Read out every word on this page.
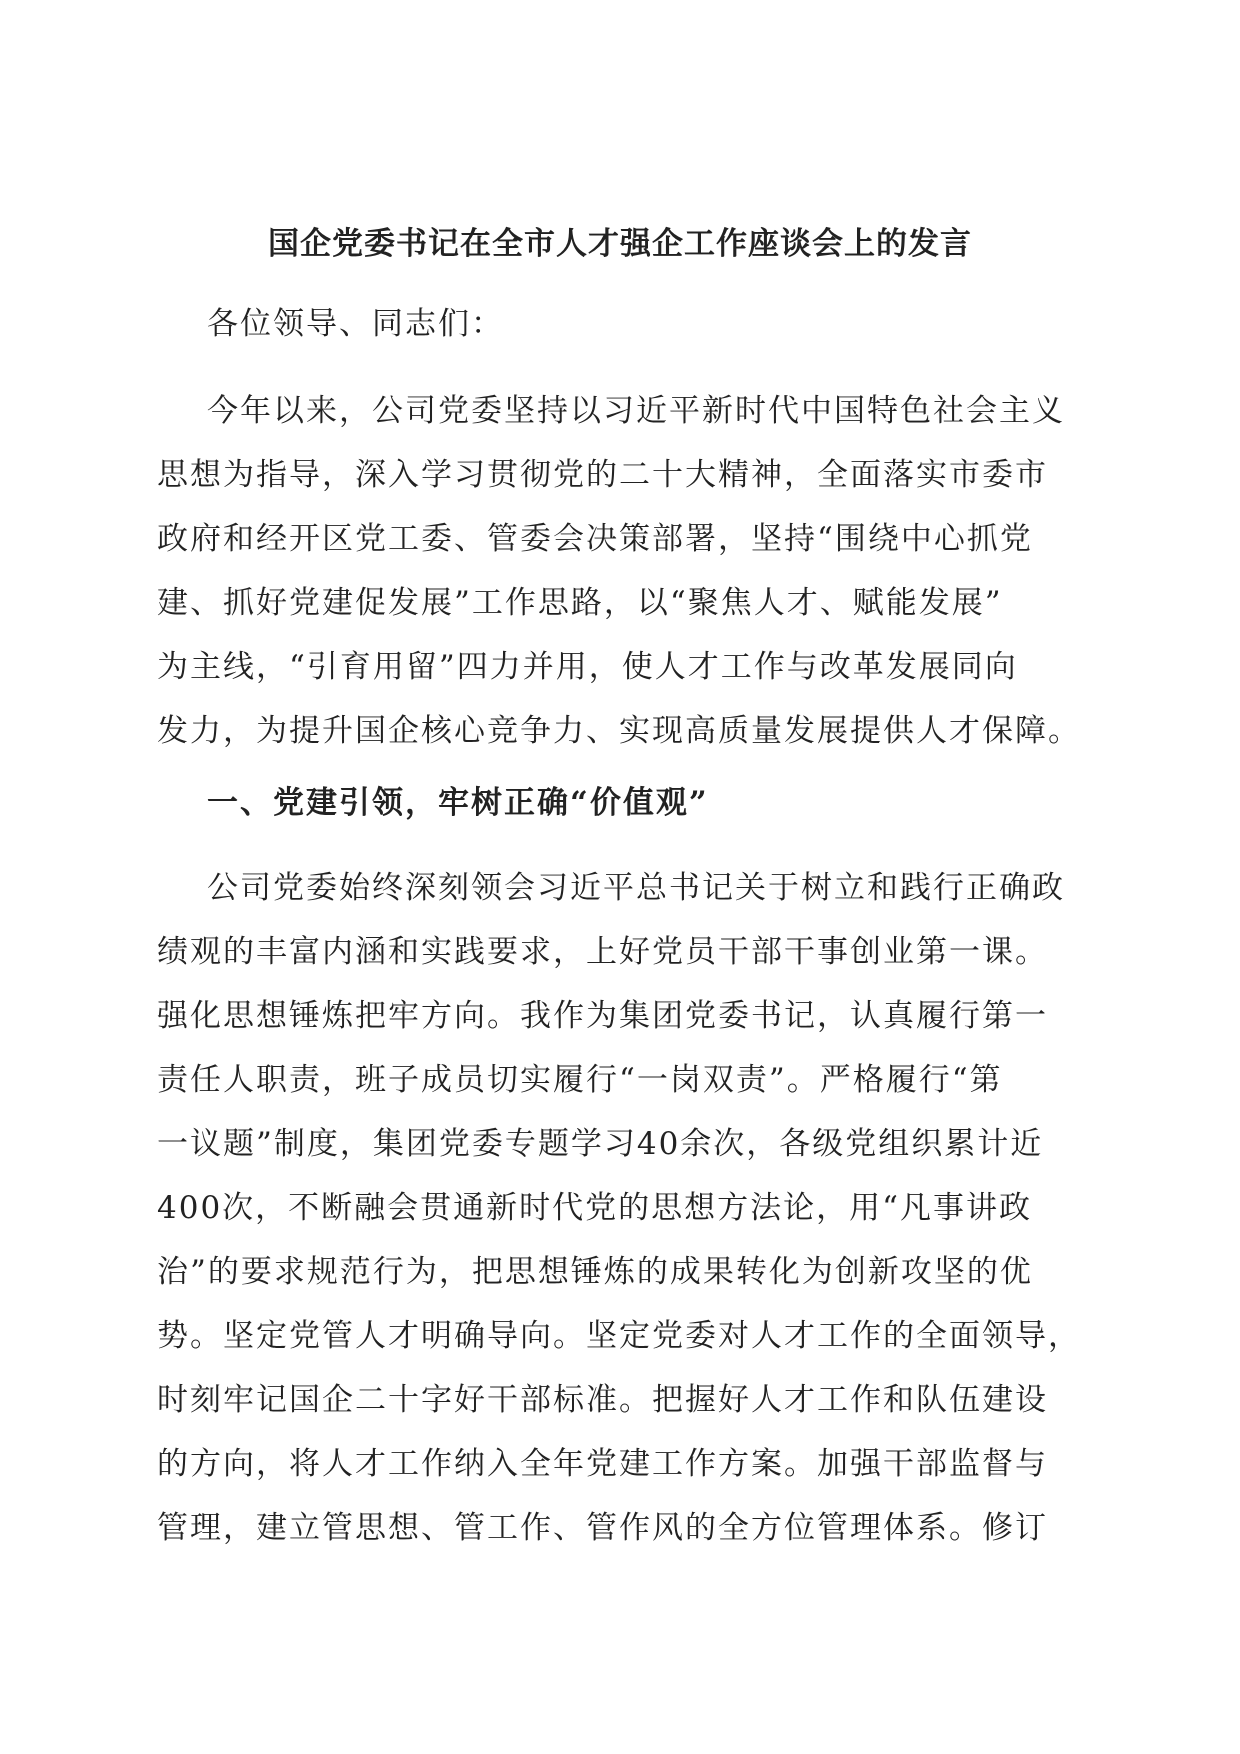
国企党委书记在全市人才强企工作座谈会上的发言
各位领导、同志们：
今年以来，公司党委坚持以习近平新时代中国特色社会主义
思想为指导，深入学习贯彻党的二十大精神，全面落实市委市
政府和经开区党工委、管委会决策部署，坚持“围绕中心抓党
建、抓好党建促发展”工作思路，以“聚焦人才、赋能发展”
为主线，“引育用留”四力并用，使人才工作与改革发展同向
发力，为提升国企核心竞争力、实现高质量发展提供人才保障。
一、党建引领，牢树正确“价值观”
公司党委始终深刻领会习近平总书记关于树立和践行正确政
绩观的丰富内涵和实践要求，上好党员干部干事创业第一课。
强化思想锤炼把牢方向。我作为集团党委书记，认真履行第一
责任人职责，班子成员切实履行“一岗双责”。严格履行“第
一议题”制度，集团党委专题学习40余次，各级党组织累计近
400次，不断融会贯通新时代党的思想方法论，用“凡事讲政
治”的要求规范行为，把思想锤炼的成果转化为创新攻坚的优
势。坚定党管人才明确导向。坚定党委对人才工作的全面领导，
时刻牢记国企二十字好干部标准。把握好人才工作和队伍建设
的方向，将人才工作纳入全年党建工作方案。加强干部监督与
管理，建立管思想、管工作、管作风的全方位管理体系。修订
